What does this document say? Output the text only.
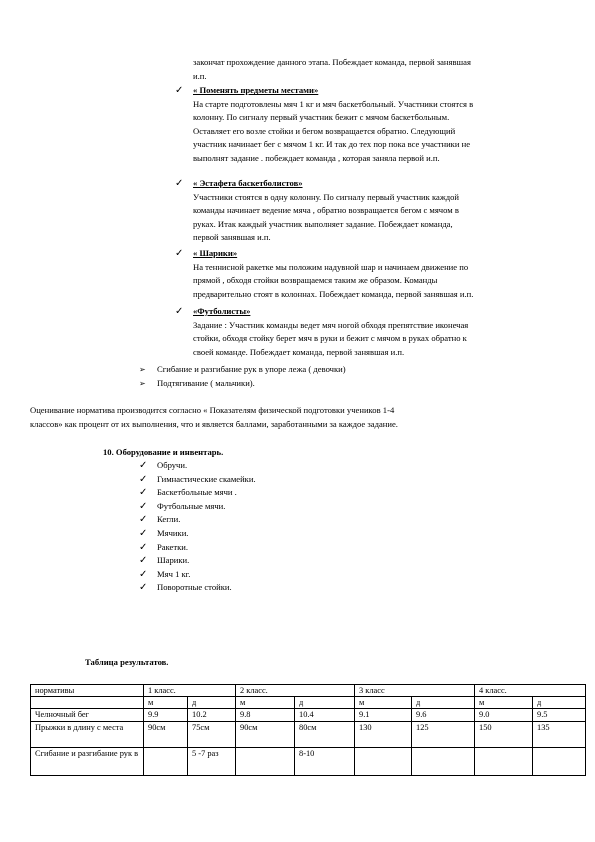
закончат прохождение данного этапа. Побеждает команда, первой занявшая
и.п.
✓ « Поменять предметы местами»
На старте подготовлены мяч 1 кг и мяч баскетбольный. Участники стоятся в
колонну. По сигналу первый участник бежит с мячом баскетбольным.
Оставляет его возле стойки и бегом возвращается обратно. Следующий
участник начинает бег с мячом 1 кг. И так до тех пор пока все участники не
выполнят задание . побеждает команда , которая заняла первой и.п.
✓ « Эстафета баскетболистов»
Участники стоятся в одну колонну. По сигналу первый участник каждой
команды начинает ведение мяча , обратно возвращается бегом с мячом в
руках. Итак каждый участник выполняет задание. Побеждает команда,
первой занявшая и.п.
✓ « Шарики»
На теннисной ракетке мы положим надувной шар и начинаем движение по
прямой , обходя стойки возвращаемся таким же образом. Команды
предварительно стоят в колоннах. Побеждает команда, первой занявшая и.п.
✓ «Футболисты»
Задание : Участник команды ведет мяч ногой обходя препятствие иконечая
стойки, обходя стойку берет мяч в руки и бежит с мячом в руках обратно к
своей команде. Побеждает команда, первой занявшая и.п.
➢ Сгибание и разгибание рук в упоре лежа ( девочки)
➢ Подтягивание ( мальчики).
Оценивание норматива производится согласно « Показателям физической подготовки учеников 1-4
классов» как процент от их выполнения, что и является баллами, заработанными за каждое задание.
10. Оборудование и инвентарь.
✓ Обручи.
✓ Гимнастические скамейки.
✓ Баскетбольные мячи .
✓ Футбольные мячи.
✓ Кегли.
✓ Мячики.
✓ Ракетки.
✓ Шарики.
✓ Мяч 1 кг.
✓ Поворотные стойки.
Таблица результатов.
нормативы	1 класс.		2 класс.		3 класс		4 класс.	
	м	д	м	д	м	д	м	д
Челночный бег	9.9	10.2	9.8	10.4	9.1	9.6	9.0	9.5
Прыжки в длину с места	90см	75см	90см	80см	130	125	150	135
Сгибание и разгибание рук в		5 -7 раз		8-10				
